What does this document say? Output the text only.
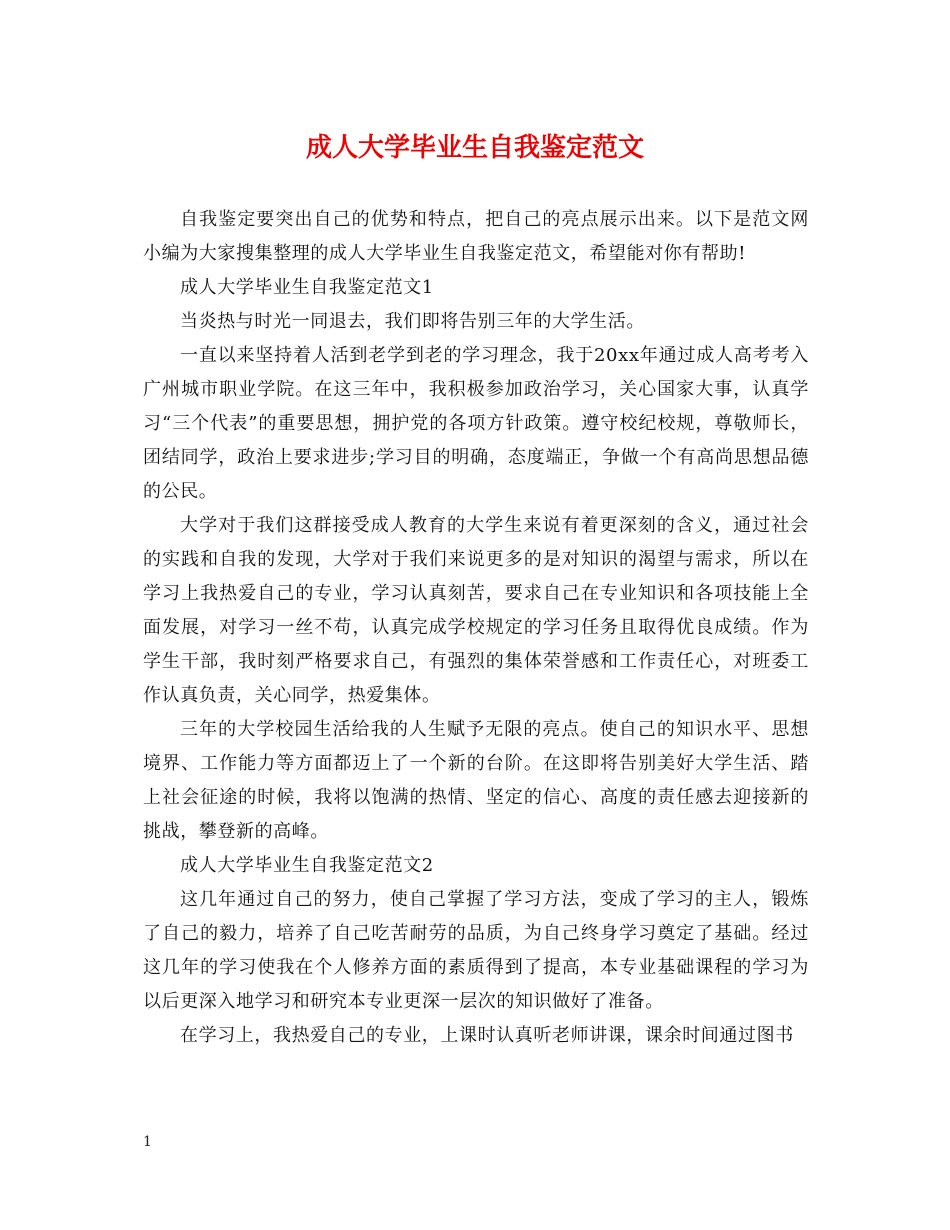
成人大学毕业生自我鉴定范文

自我鉴定要突出自己的优势和特点，把自己的亮点展示出来。以下是范文网小编为大家搜集整理的成人大学毕业生自我鉴定范文，希望能对你有帮助!

成人大学毕业生自我鉴定范文1

当炎热与时光一同退去，我们即将告别三年的大学生活。

一直以来坚持着人活到老学到老的学习理念，我于20xx年通过成人高考考入广州城市职业学院。在这三年中，我积极参加政治学习，关心国家大事，认真学习“三个代表”的重要思想，拥护党的各项方针政策。遵守校纪校规，尊敬师长，团结同学，政治上要求进步;学习目的明确，态度端正，争做一个有高尚思想品德的公民。

大学对于我们这群接受成人教育的大学生来说有着更深刻的含义，通过社会的实践和自我的发现，大学对于我们来说更多的是对知识的渴望与需求，所以在学习上我热爱自己的专业，学习认真刻苦，要求自己在专业知识和各项技能上全面发展，对学习一丝不苟，认真完成学校规定的学习任务且取得优良成绩。作为学生干部，我时刻严格要求自己，有强烈的集体荣誉感和工作责任心，对班委工作认真负责，关心同学，热爱集体。

三年的大学校园生活给我的人生赋予无限的亮点。使自己的知识水平、思想境界、工作能力等方面都迈上了一个新的台阶。在这即将告别美好大学生活、踏上社会征途的时候，我将以饱满的热情、坚定的信心、高度的责任感去迎接新的挑战，攀登新的高峰。

成人大学毕业生自我鉴定范文2

这几年通过自己的努力，使自己掌握了学习方法，变成了学习的主人，锻炼了自己的毅力，培养了自己吃苦耐劳的品质，为自己终身学习奠定了基础。经过这几年的学习使我在个人修养方面的素质得到了提高，本专业基础课程的学习为以后更深入地学习和研究本专业更深一层次的知识做好了准备。

在学习上，我热爱自己的专业，上课时认真听老师讲课，课余时间通过图书

1
